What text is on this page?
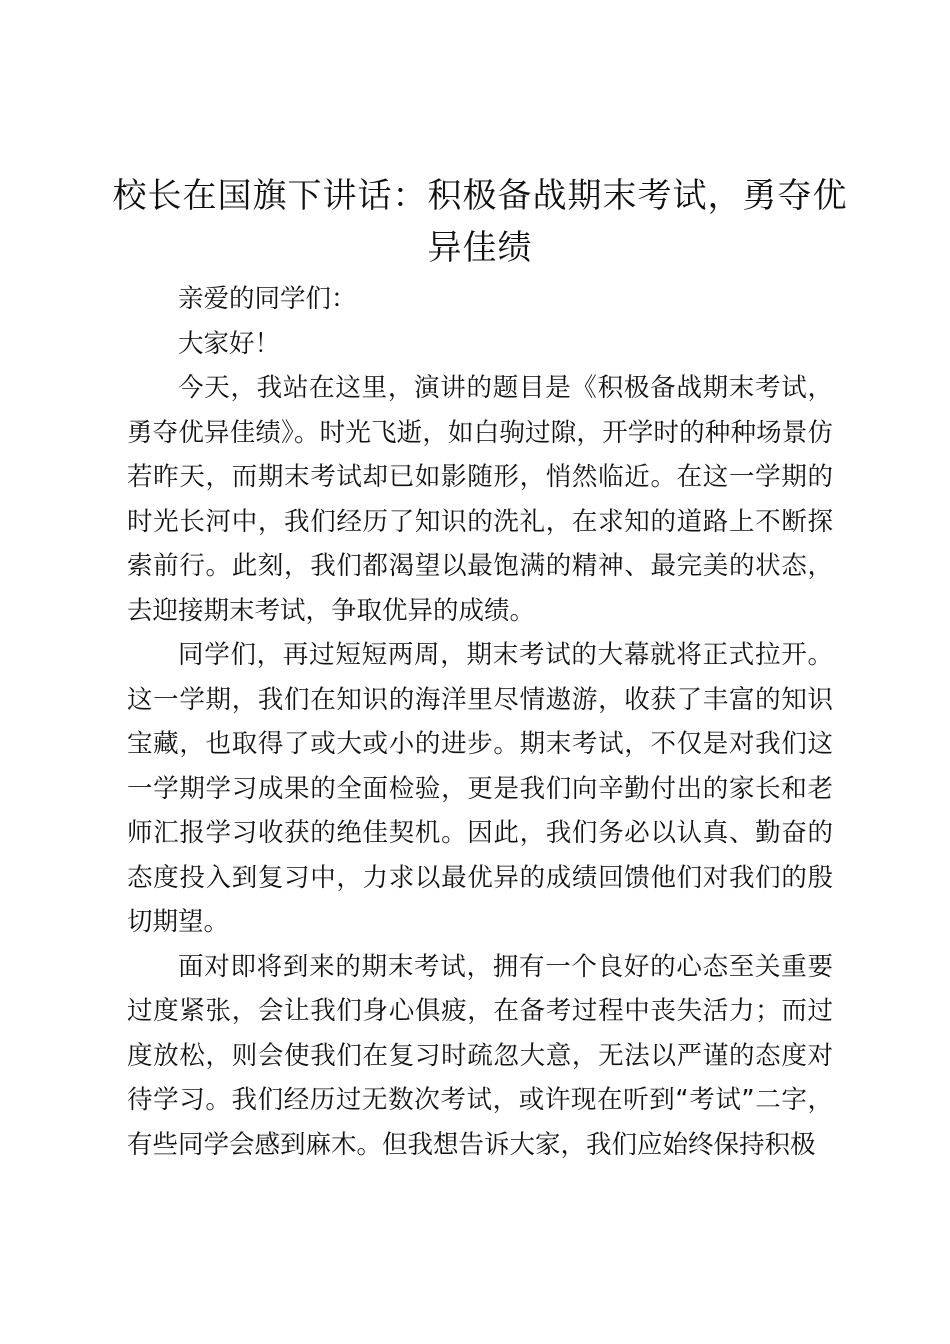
校长在国旗下讲话：积极备战期末考试，勇夺优异佳绩

亲爱的同学们：

大家好！

今天，我站在这里，演讲的题目是《积极备战期末考试，勇夺优异佳绩》。时光飞逝，如白驹过隙，开学时的种种场景仿若昨天，而期末考试却已如影随形，悄然临近。在这一学期的时光长河中，我们经历了知识的洗礼，在求知的道路上不断探索前行。此刻，我们都渴望以最饱满的精神、最完美的状态，去迎接期末考试，争取优异的成绩。

同学们，再过短短两周，期末考试的大幕就将正式拉开。这一学期，我们在知识的海洋里尽情遨游，收获了丰富的知识宝藏，也取得了或大或小的进步。期末考试，不仅是对我们这一学期学习成果的全面检验，更是我们向辛勤付出的家长和老师汇报学习收获的绝佳契机。因此，我们务必以认真、勤奋的态度投入到复习中，力求以最优异的成绩回馈他们对我们的殷切期望。

面对即将到来的期末考试，拥有一个良好的心态至关重要过度紧张，会让我们身心俱疲，在备考过程中丧失活力；而过度放松，则会使我们在复习时疏忽大意，无法以严谨的态度对待学习。我们经历过无数次考试，或许现在听到“考试”二字，有些同学会感到麻木。但我想告诉大家，我们应始终保持积极
